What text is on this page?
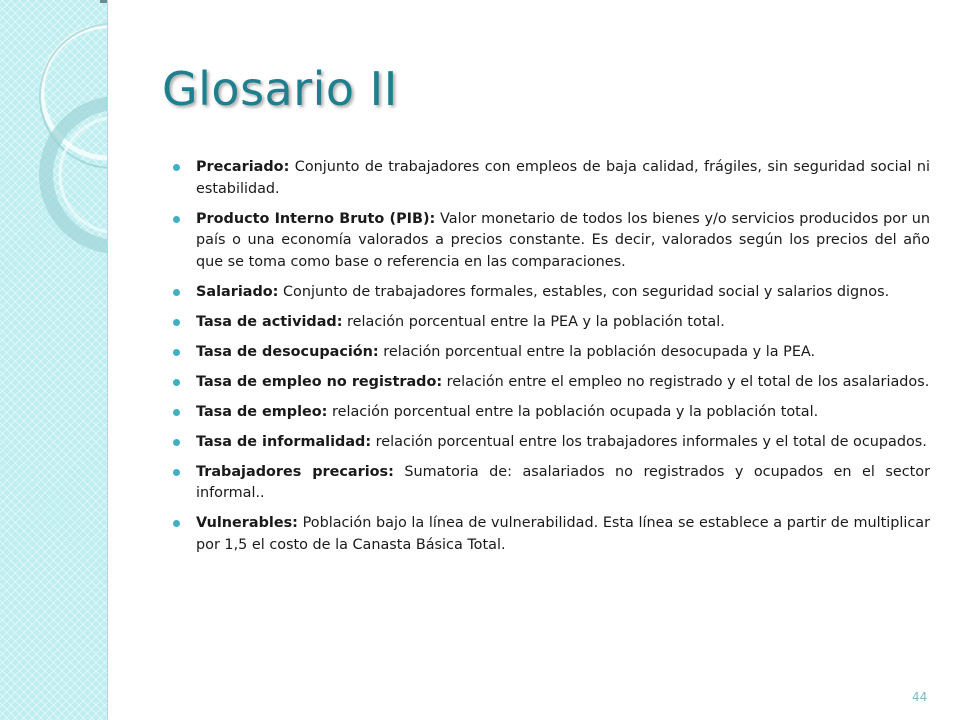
Glosario II
Precariado: Conjunto de trabajadores con empleos de baja calidad, frágiles, sin seguridad social ni estabilidad.
Producto Interno Bruto (PIB): Valor monetario de todos los bienes y/o servicios producidos por un país o una economía valorados a precios constante. Es decir, valorados según los precios del año que se toma como base o referencia en las comparaciones.
Salariado: Conjunto de trabajadores formales, estables, con seguridad social y salarios dignos.
Tasa de actividad: relación porcentual entre la PEA y la población total.
Tasa de desocupación: relación porcentual entre la población desocupada y la PEA.
Tasa de empleo no registrado: relación entre el empleo no registrado y el total de los asalariados.
Tasa de empleo: relación porcentual entre la población ocupada y la población total.
Tasa de informalidad: relación porcentual entre los trabajadores informales y el total de ocupados.
Trabajadores precarios: Sumatoria de: asalariados no registrados y ocupados en el sector informal..
Vulnerables: Población bajo la línea de vulnerabilidad. Esta línea se establece a partir de multiplicar por 1,5 el costo de la Canasta Básica Total.
44
